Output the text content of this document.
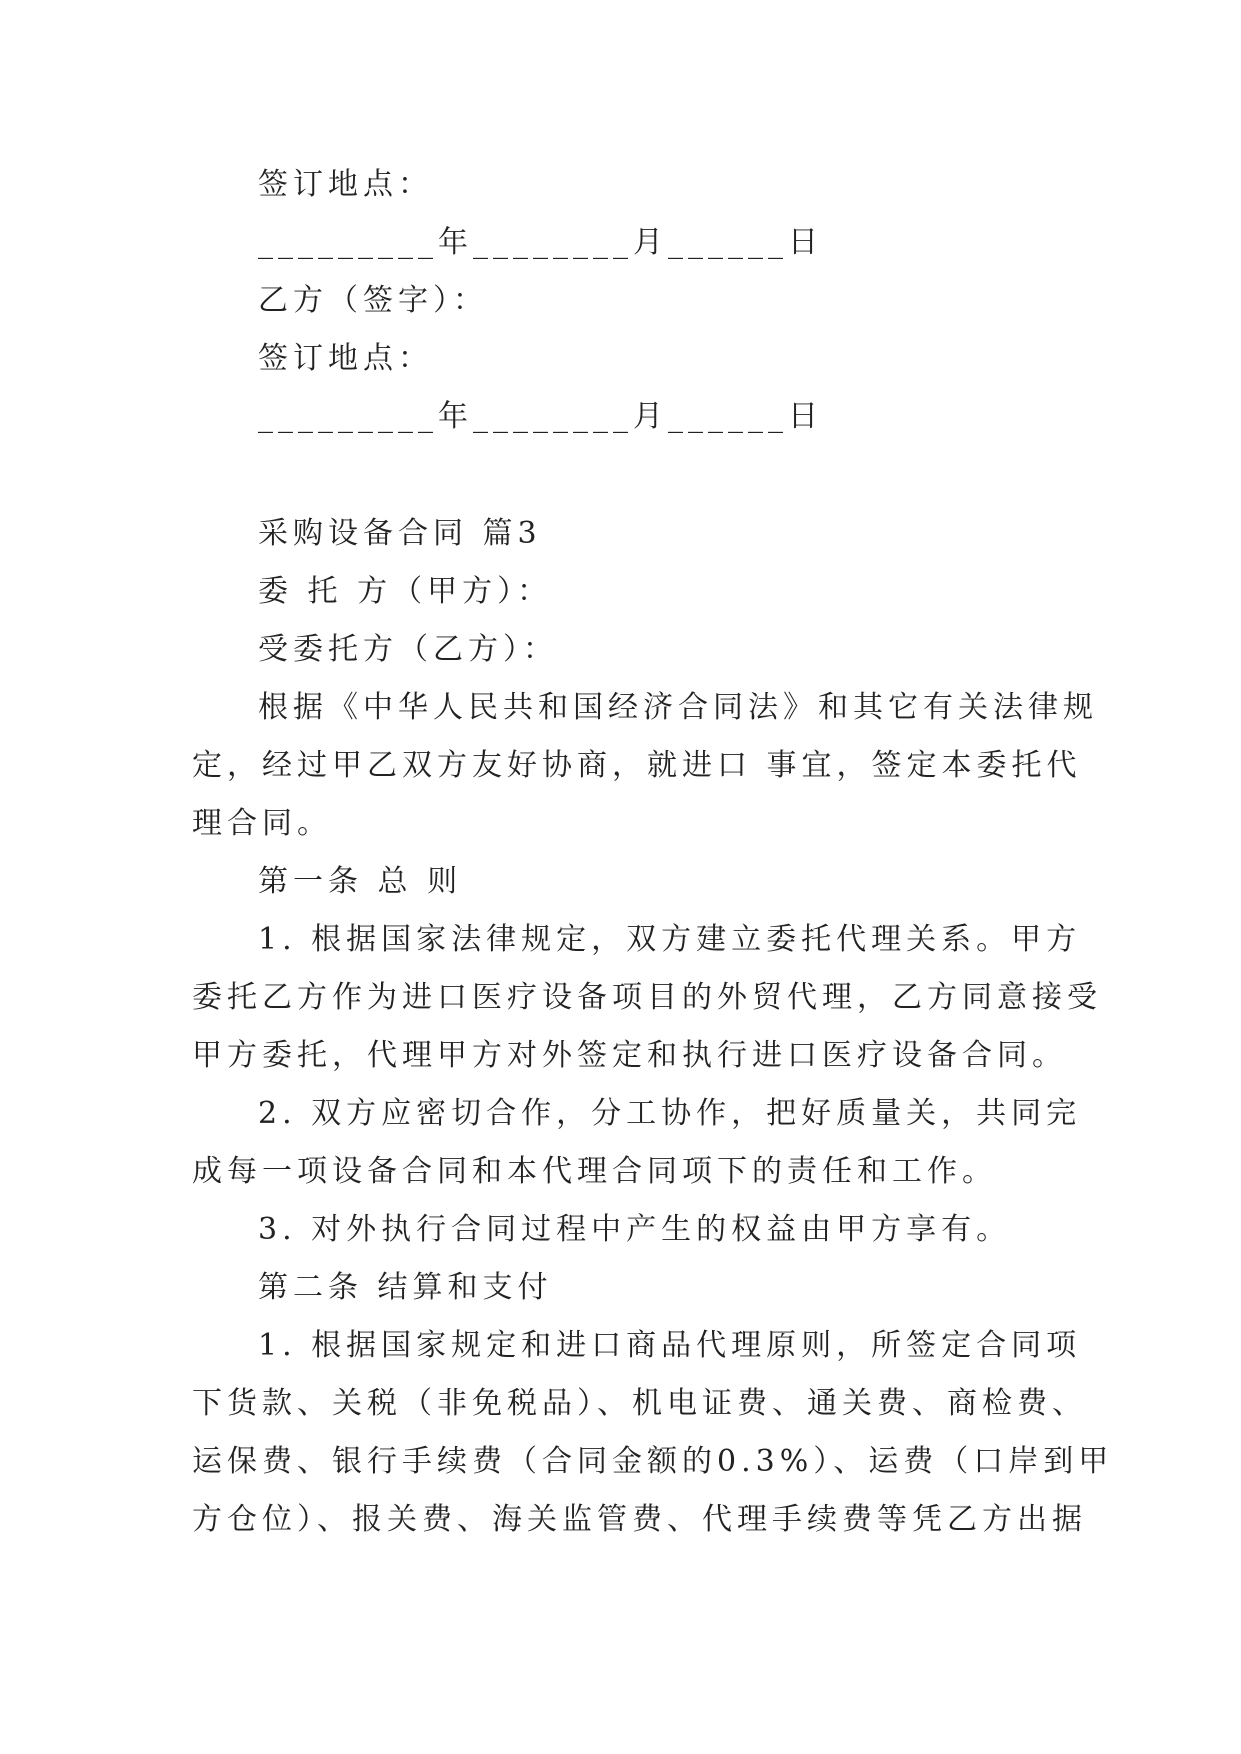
签订地点：
_________年________月______日
乙方（签字）：
签订地点：
_________年________月______日
采购设备合同 篇3
委 托 方（甲方）：
受委托方（乙方）：
根据《中华人民共和国经济合同法》和其它有关法律规
定，经过甲乙双方友好协商，就进口 事宜，签定本委托代
理合同。
第一条 总 则
1. 根据国家法律规定，双方建立委托代理关系。甲方
委托乙方作为进口医疗设备项目的外贸代理，乙方同意接受
甲方委托，代理甲方对外签定和执行进口医疗设备合同。
2. 双方应密切合作，分工协作，把好质量关，共同完
成每一项设备合同和本代理合同项下的责任和工作。
3. 对外执行合同过程中产生的权益由甲方享有。
第二条 结算和支付
1. 根据国家规定和进口商品代理原则，所签定合同项
下货款、关税（非免税品）、机电证费、通关费、商检费、
运保费、银行手续费（合同金额的0.3%）、运费（口岸到甲
方仓位）、报关费、海关监管费、代理手续费等凭乙方出据
